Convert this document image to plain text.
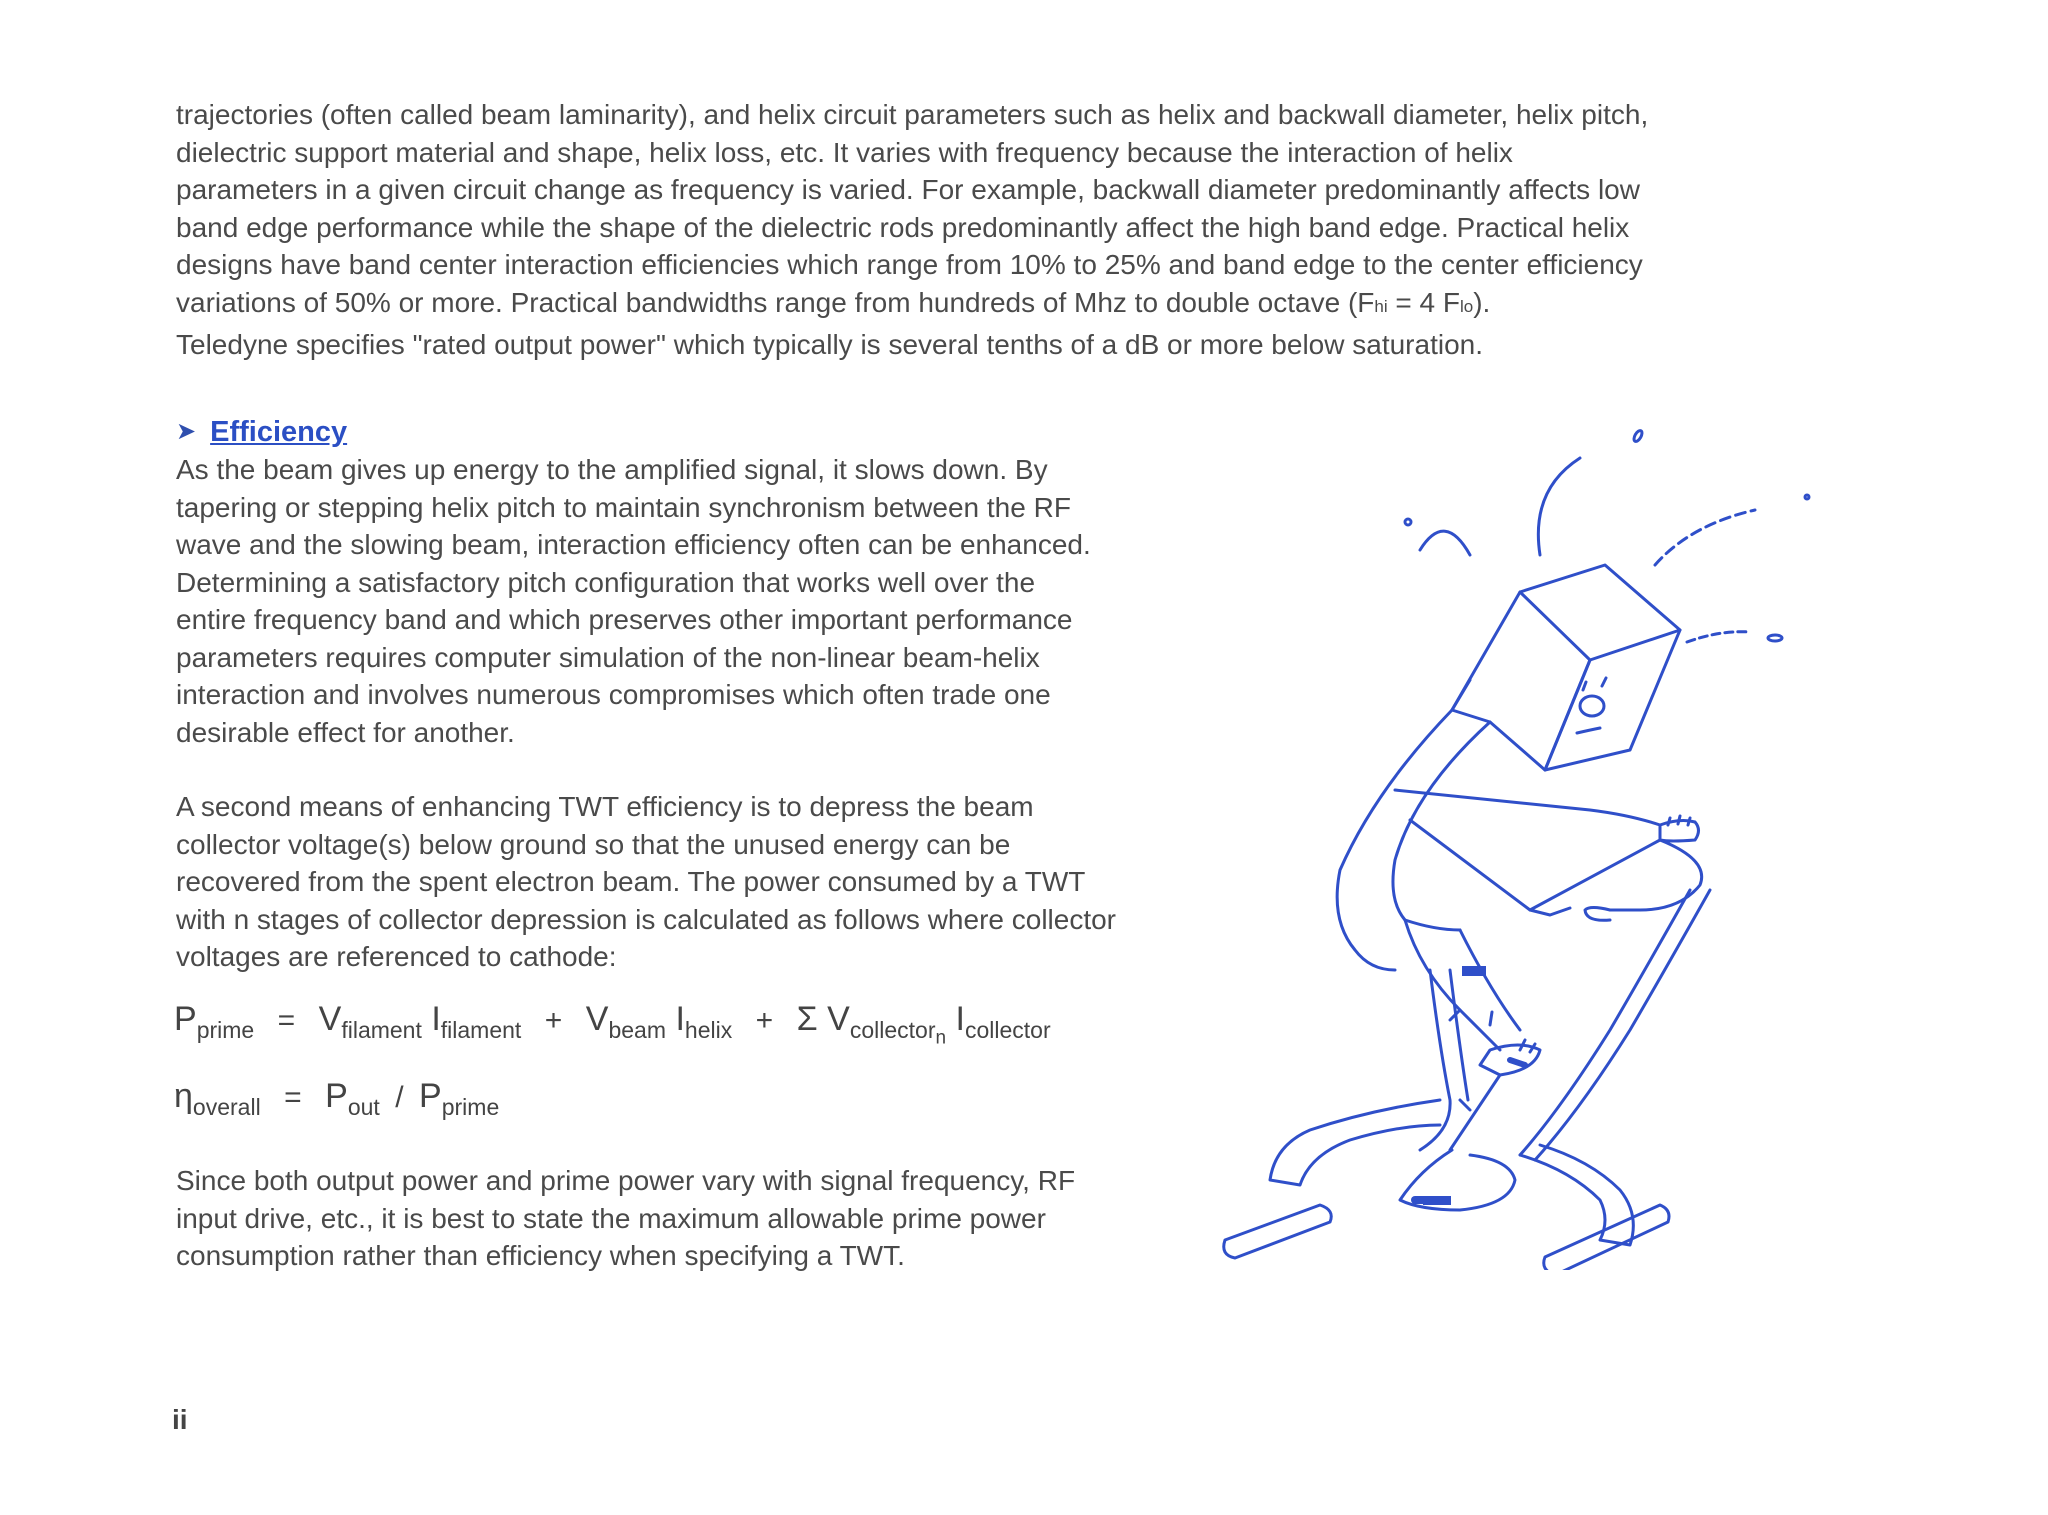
trajectories (often called beam laminarity), and helix circuit parameters such as helix and backwall diameter, helix pitch,

dielectric support material and shape, helix loss, etc. It varies with frequency because the interaction of helix

parameters in a given circuit change as frequency is varied. For example, backwall diameter predominantly affects low

band edge performance while the shape of the dielectric rods predominantly affect the high band edge. Practical helix

designs have band center interaction efficiencies which range from 10% to 25% and band edge to the center efficiency

variations of 50% or more. Practical bandwidths range from hundreds of Mhz to double octave (Fhi = 4 Flo).

Teledyne specifies "rated output power" which typically is several tenths of a dB or more below saturation.

➤ Efficiency
As the beam gives up energy to the amplified signal, it slows down. By
tapering or stepping helix pitch to maintain synchronism between the RF
wave and the slowing beam, interaction efficiency often can be enhanced.
Determining a satisfactory pitch configuration that works well over the
entire frequency band and which preserves other important performance
parameters requires computer simulation of the non-linear beam-helix
interaction and involves numerous compromises which often trade one
desirable effect for another.
A second means of enhancing TWT efficiency is to depress the beam
collector voltage(s) below ground so that the unused energy can be
recovered from the spent electron beam. The power consumed by a TWT
with n stages of collector depression is calculated as follows where collector
voltages are referenced to cathode:
$P_{prime} = V_{filament}$ $I_{filament} + V_{beam}$ $I_{helix} + \Sigma$ $V_{collector_n}$ $I_{collector}$
$\eta_{overall} = P_{out} / P_{prime}$
Since both output power and prime power vary with signal frequency, RF
input drive, etc., it is best to state the maximum allowable prime power
consumption rather than efficiency when specifying a TWT.
ii
